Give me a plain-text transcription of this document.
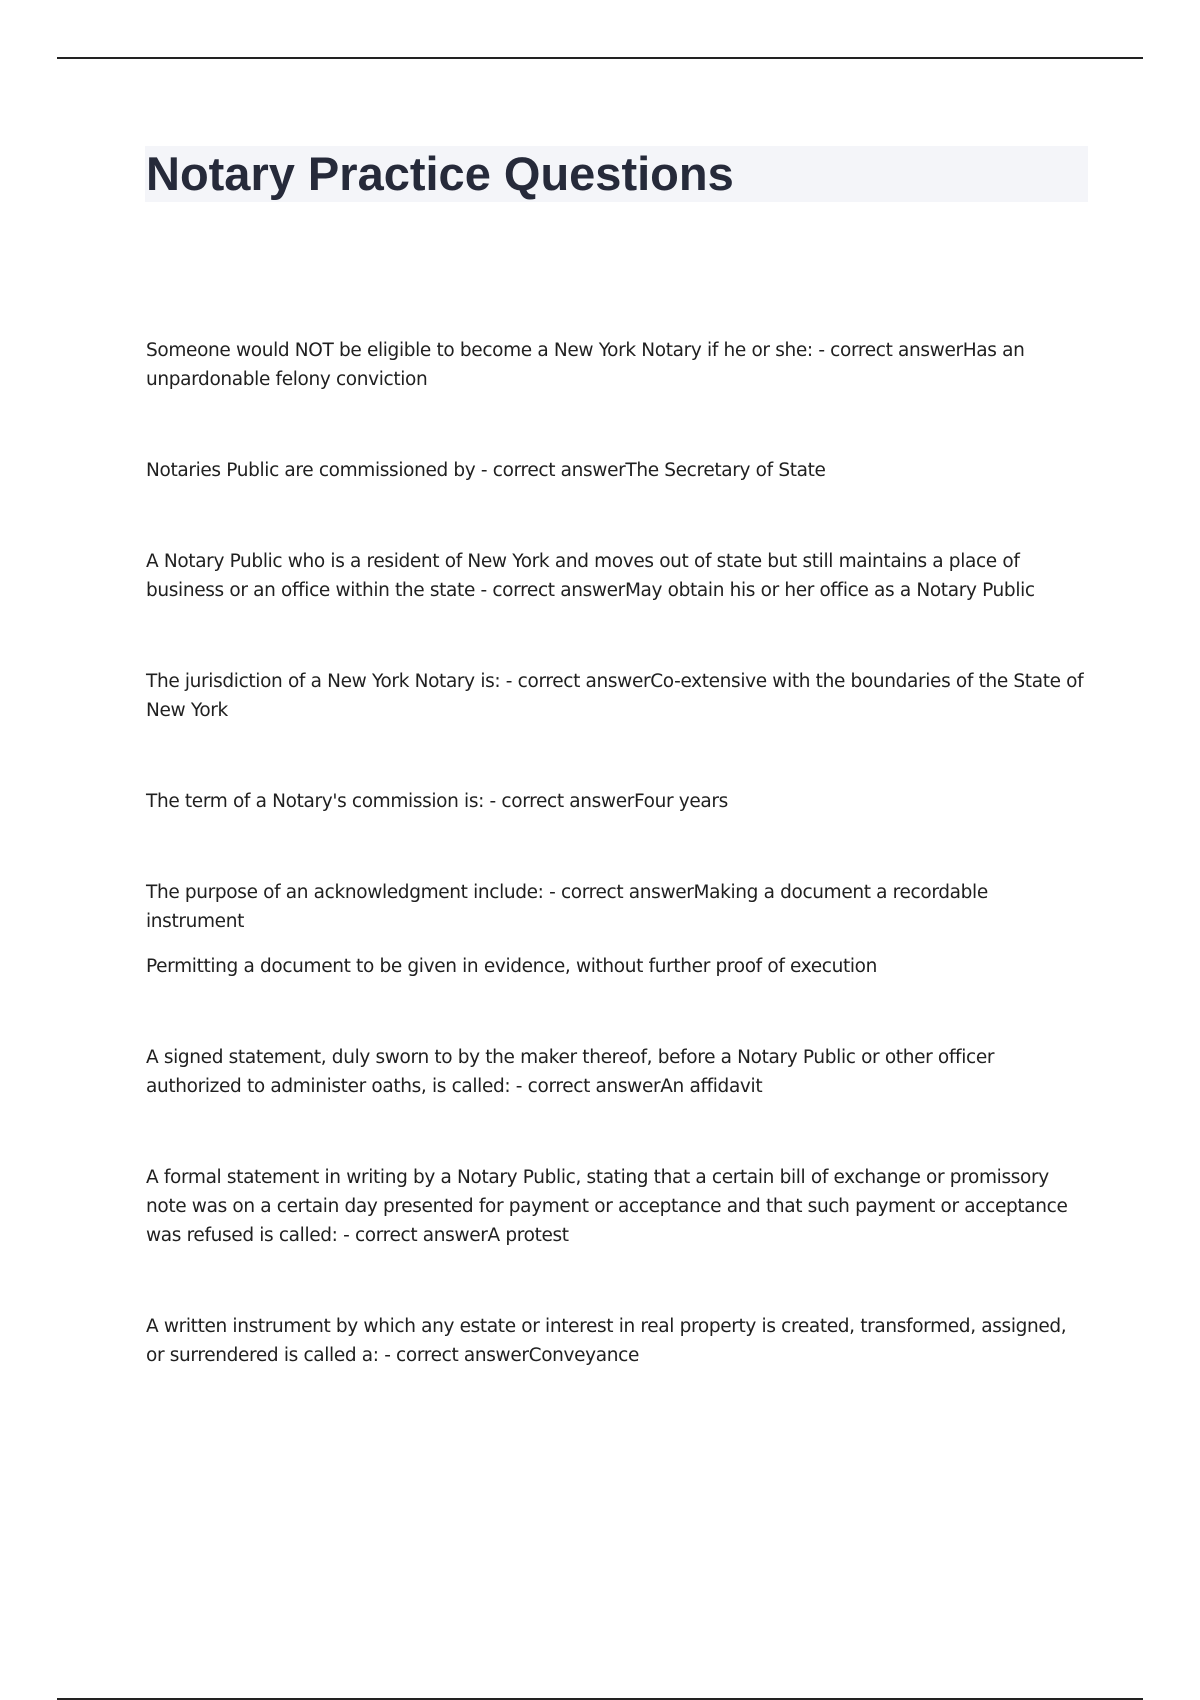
Notary Practice Questions

Someone would NOT be eligible to become a New York Notary if he or she: - correct answerHas an unpardonable felony conviction

Notaries Public are commissioned by - correct answerThe Secretary of State

A Notary Public who is a resident of New York and moves out of state but still maintains a place of business or an office within the state - correct answerMay obtain his or her office as a Notary Public

The jurisdiction of a New York Notary is: - correct answerCo-extensive with the boundaries of the State of New York

The term of a Notary's commission is: - correct answerFour years

The purpose of an acknowledgment include: - correct answerMaking a document a recordable instrument

Permitting a document to be given in evidence, without further proof of execution

A signed statement, duly sworn to by the maker thereof, before a Notary Public or other officer authorized to administer oaths, is called: - correct answerAn affidavit

A formal statement in writing by a Notary Public, stating that a certain bill of exchange or promissory note was on a certain day presented for payment or acceptance and that such payment or acceptance was refused is called: - correct answerA protest

A written instrument by which any estate or interest in real property is created, transformed, assigned, or surrendered is called a: - correct answerConveyance
